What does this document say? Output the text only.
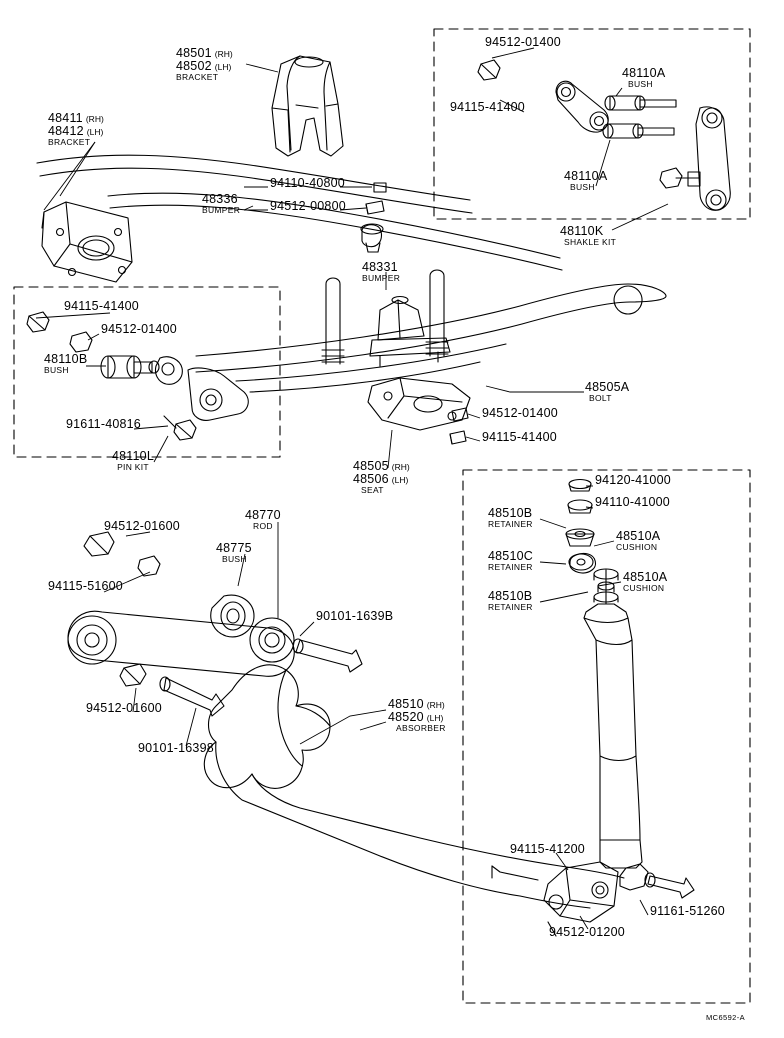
48501 (RH)
48502 (LH)
BRACKET
48411 (RH)
48412 (LH)
BRACKET
94512-01400
94115-41400
48110A
BUSH
48110A
BUSH
48110K
SHAKLE KIT
94110-40800
48336
BUMPER 94512-00800
48331
BUMPER
94115-41400
94512-01400
48110B
BUSH
91611-40816
48110L
PIN KIT
48505A
BOLT
94512-01400
94115-41400
48505 (RH)
48506 (LH)
SEAT
94120-41000
94110-41000
48510B
RETAINER
48510A
CUSHION
48510C
RETAINER
48510A
CUSHION
48510B
RETAINER
94512-01600
48770
ROD
48775
BUSH
94115-51600
90101-1639B
94512-01600
90101-16398
48510 (RH)
48520 (LH)
ABSORBER
94115-41200
91161-51260
94512-01200
MC6592-A
